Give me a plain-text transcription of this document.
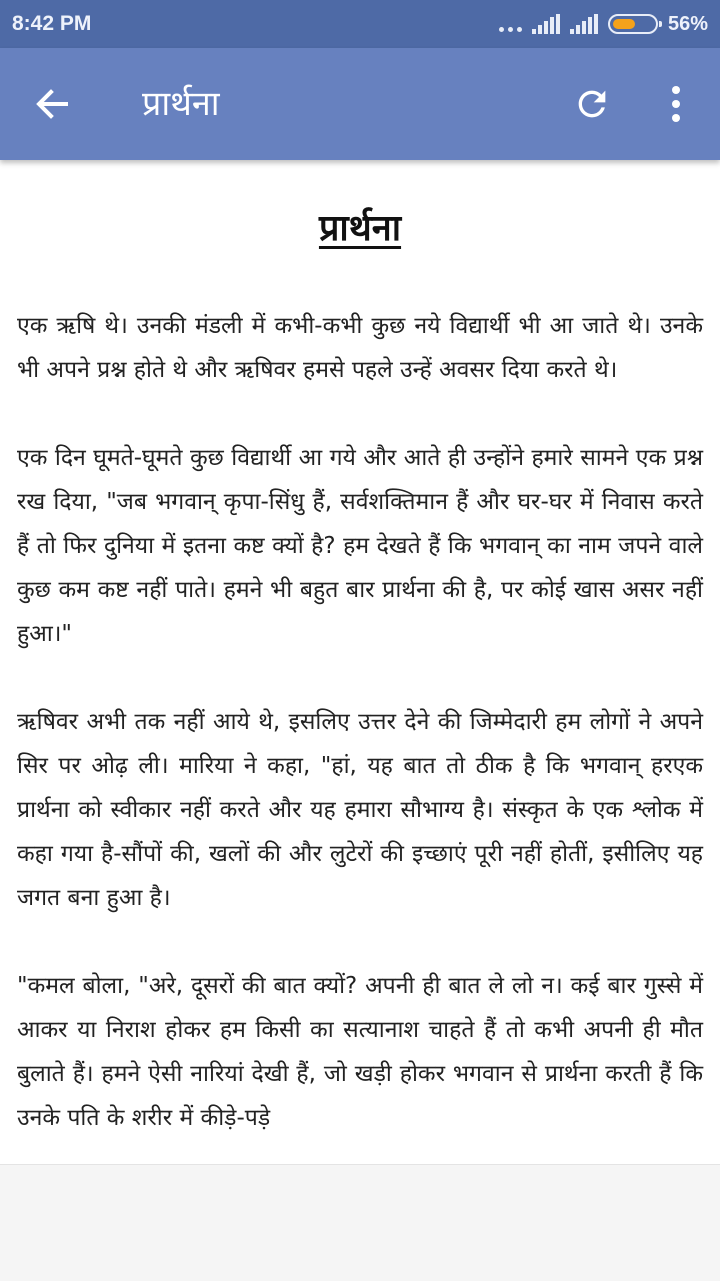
8:42 PM	56%
प्रार्थना
प्रार्थना

एक ऋषि थे। उनकी मंडली में कभी-कभी कुछ नये विद्यार्थी भी आ जाते थे। उनके भी अपने प्रश्न होते थे और ऋषिवर हमसे पहले उन्हें अवसर दिया करते थे।

एक दिन घूमते-घूमते कुछ विद्यार्थी आ गये और आते ही उन्होंने हमारे सामने एक प्रश्न रख दिया, "जब भगवान् कृपा-सिंधु हैं, सर्वशक्तिमान हैं और घर-घर में निवास करते हैं तो फिर दुनिया में इतना कष्ट क्यों है? हम देखते हैं कि भगवान् का नाम जपने वाले कुछ कम कष्ट नहीं पाते। हमने भी बहुत बार प्रार्थना की है, पर कोई खास असर नहीं हुआ।"

ऋषिवर अभी तक नहीं आये थे, इसलिए उत्तर देने की जिम्मेदारी हम लोगों ने अपने सिर पर ओढ़ ली। मारिया ने कहा, "हां, यह बात तो ठीक है कि भगवान् हरएक प्रार्थना को स्वीकार नहीं करते और यह हमारा सौभाग्य है। संस्कृत के एक श्लोक में कहा गया है-सौंपों की, खलों की और लुटेरों की इच्छाएं पूरी नहीं होतीं, इसीलिए यह जगत बना हुआ है।

"कमल बोला, "अरे, दूसरों की बात क्यों? अपनी ही बात ले लो न। कई बार गुस्से में आकर या निराश होकर हम किसी का सत्यानाश चाहते हैं तो कभी अपनी ही मौत बुलाते हैं। हमने ऐसी नारियां देखी हैं, जो खड़ी होकर भगवान से प्रार्थना करती हैं कि उनके पति के शरीर में कीड़े-पड़े
